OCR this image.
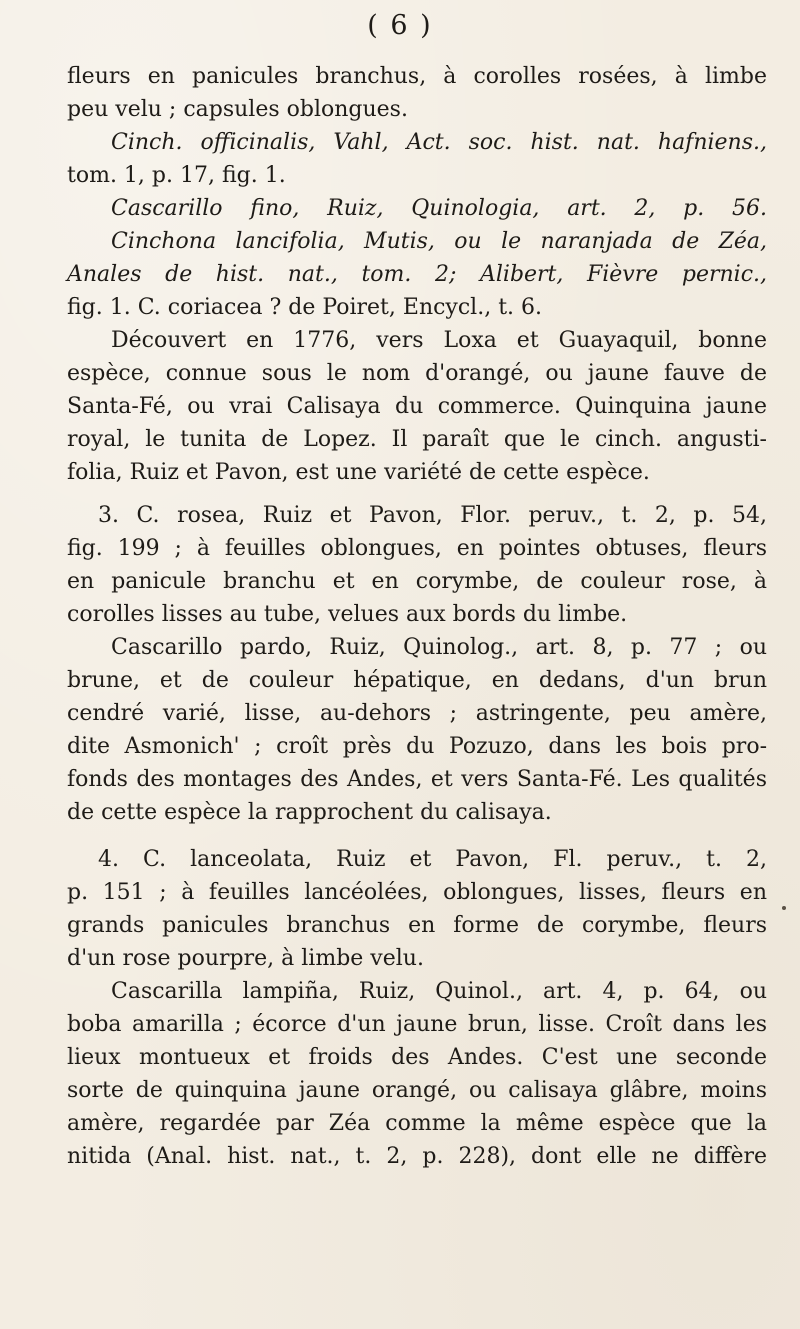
( 6 )
fleurs en panicules branchus, à corolles rosées, à limbe
peu velu ; capsules oblongues.
Cinch. officinalis, Vahl, Act. soc. hist. nat. hafniens.,
tom. 1, p. 17, fig. 1.
Cascarillo fino, Ruiz, Quinologia, art. 2, p. 56.
Cinchona lancifolia, Mutis, ou le naranjada de Zéa,
Anales de hist. nat., tom. 2; Alibert, Fièvre pernic.,
fig. 1. C. coriacea ? de Poiret, Encycl., t. 6.
Découvert en 1776, vers Loxa et Guayaquil, bonne
espèce, connue sous le nom d'orangé, ou jaune fauve de
Santa-Fé, ou vrai Calisaya du commerce. Quinquina jaune
royal, le tunita de Lopez. Il paraît que le cinch. angusti-
folia, Ruiz et Pavon, est une variété de cette espèce.
3. C. rosea, Ruiz et Pavon, Flor. peruv., t. 2, p. 54,
fig. 199 ; à feuilles oblongues, en pointes obtuses, fleurs
en panicule branchu et en corymbe, de couleur rose, à
corolles lisses au tube, velues aux bords du limbe.
Cascarillo pardo, Ruiz, Quinolog., art. 8, p. 77 ; ou
brune, et de couleur hépatique, en dedans, d'un brun
cendré varié, lisse, au-dehors ; astringente, peu amère,
dite Asmonich' ; croît près du Pozuzo, dans les bois pro-
fonds des montages des Andes, et vers Santa-Fé. Les qualités
de cette espèce la rapprochent du calisaya.
4. C. lanceolata, Ruiz et Pavon, Fl. peruv., t. 2,
p. 151 ; à feuilles lancéolées, oblongues, lisses, fleurs en
grands panicules branchus en forme de corymbe, fleurs
d'un rose pourpre, à limbe velu.
Cascarilla lampiña, Ruiz, Quinol., art. 4, p. 64, ou
boba amarilla ; écorce d'un jaune brun, lisse. Croît dans les
lieux montueux et froids des Andes. C'est une seconde
sorte de quinquina jaune orangé, ou calisaya glâbre, moins
amère, regardée par Zéa comme la même espèce que la
nitida (Anal. hist. nat., t. 2, p. 228), dont elle ne diffère
